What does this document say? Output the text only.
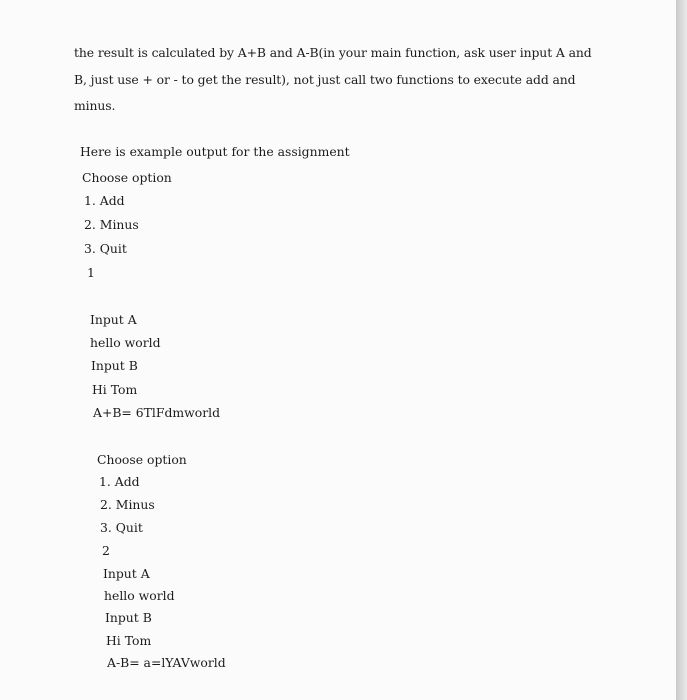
the result is calculated by A+B and A-B(in your main function, ask user input A and
B, just use + or - to get the result), not just call two functions to execute add and
minus.
Here is example output for the assignment
Choose option
1. Add
2. Minus
3. Quit
1
Input A
hello world
Input B
Hi Tom
A+B= 6TlFdmworld
Choose option
1. Add
2. Minus
3. Quit
2
Input A
hello world
Input B
Hi Tom
A-B= a=lYAVworld
